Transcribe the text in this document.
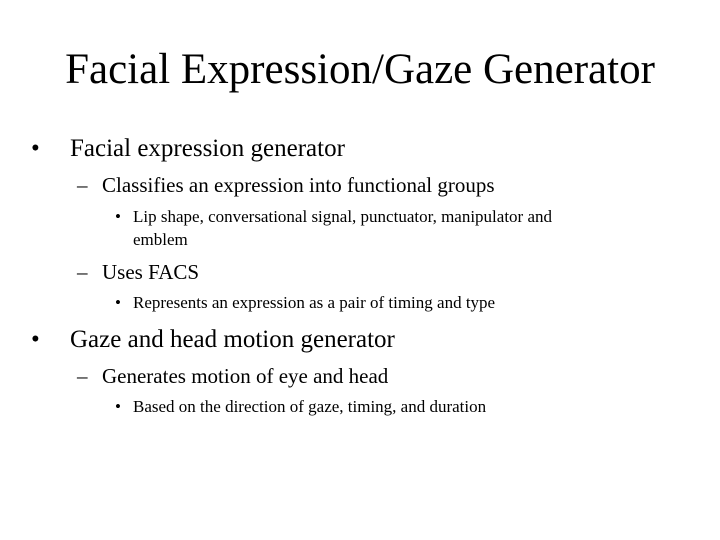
Facial Expression/Gaze Generator
• Facial expression generator
– Classifies an expression into functional groups
• Lip shape, conversational signal, punctuator, manipulator and
emblem
– Uses FACS
• Represents an expression as a pair of timing and type
• Gaze and head motion generator
– Generates motion of eye and head
• Based on the direction of gaze, timing, and duration
